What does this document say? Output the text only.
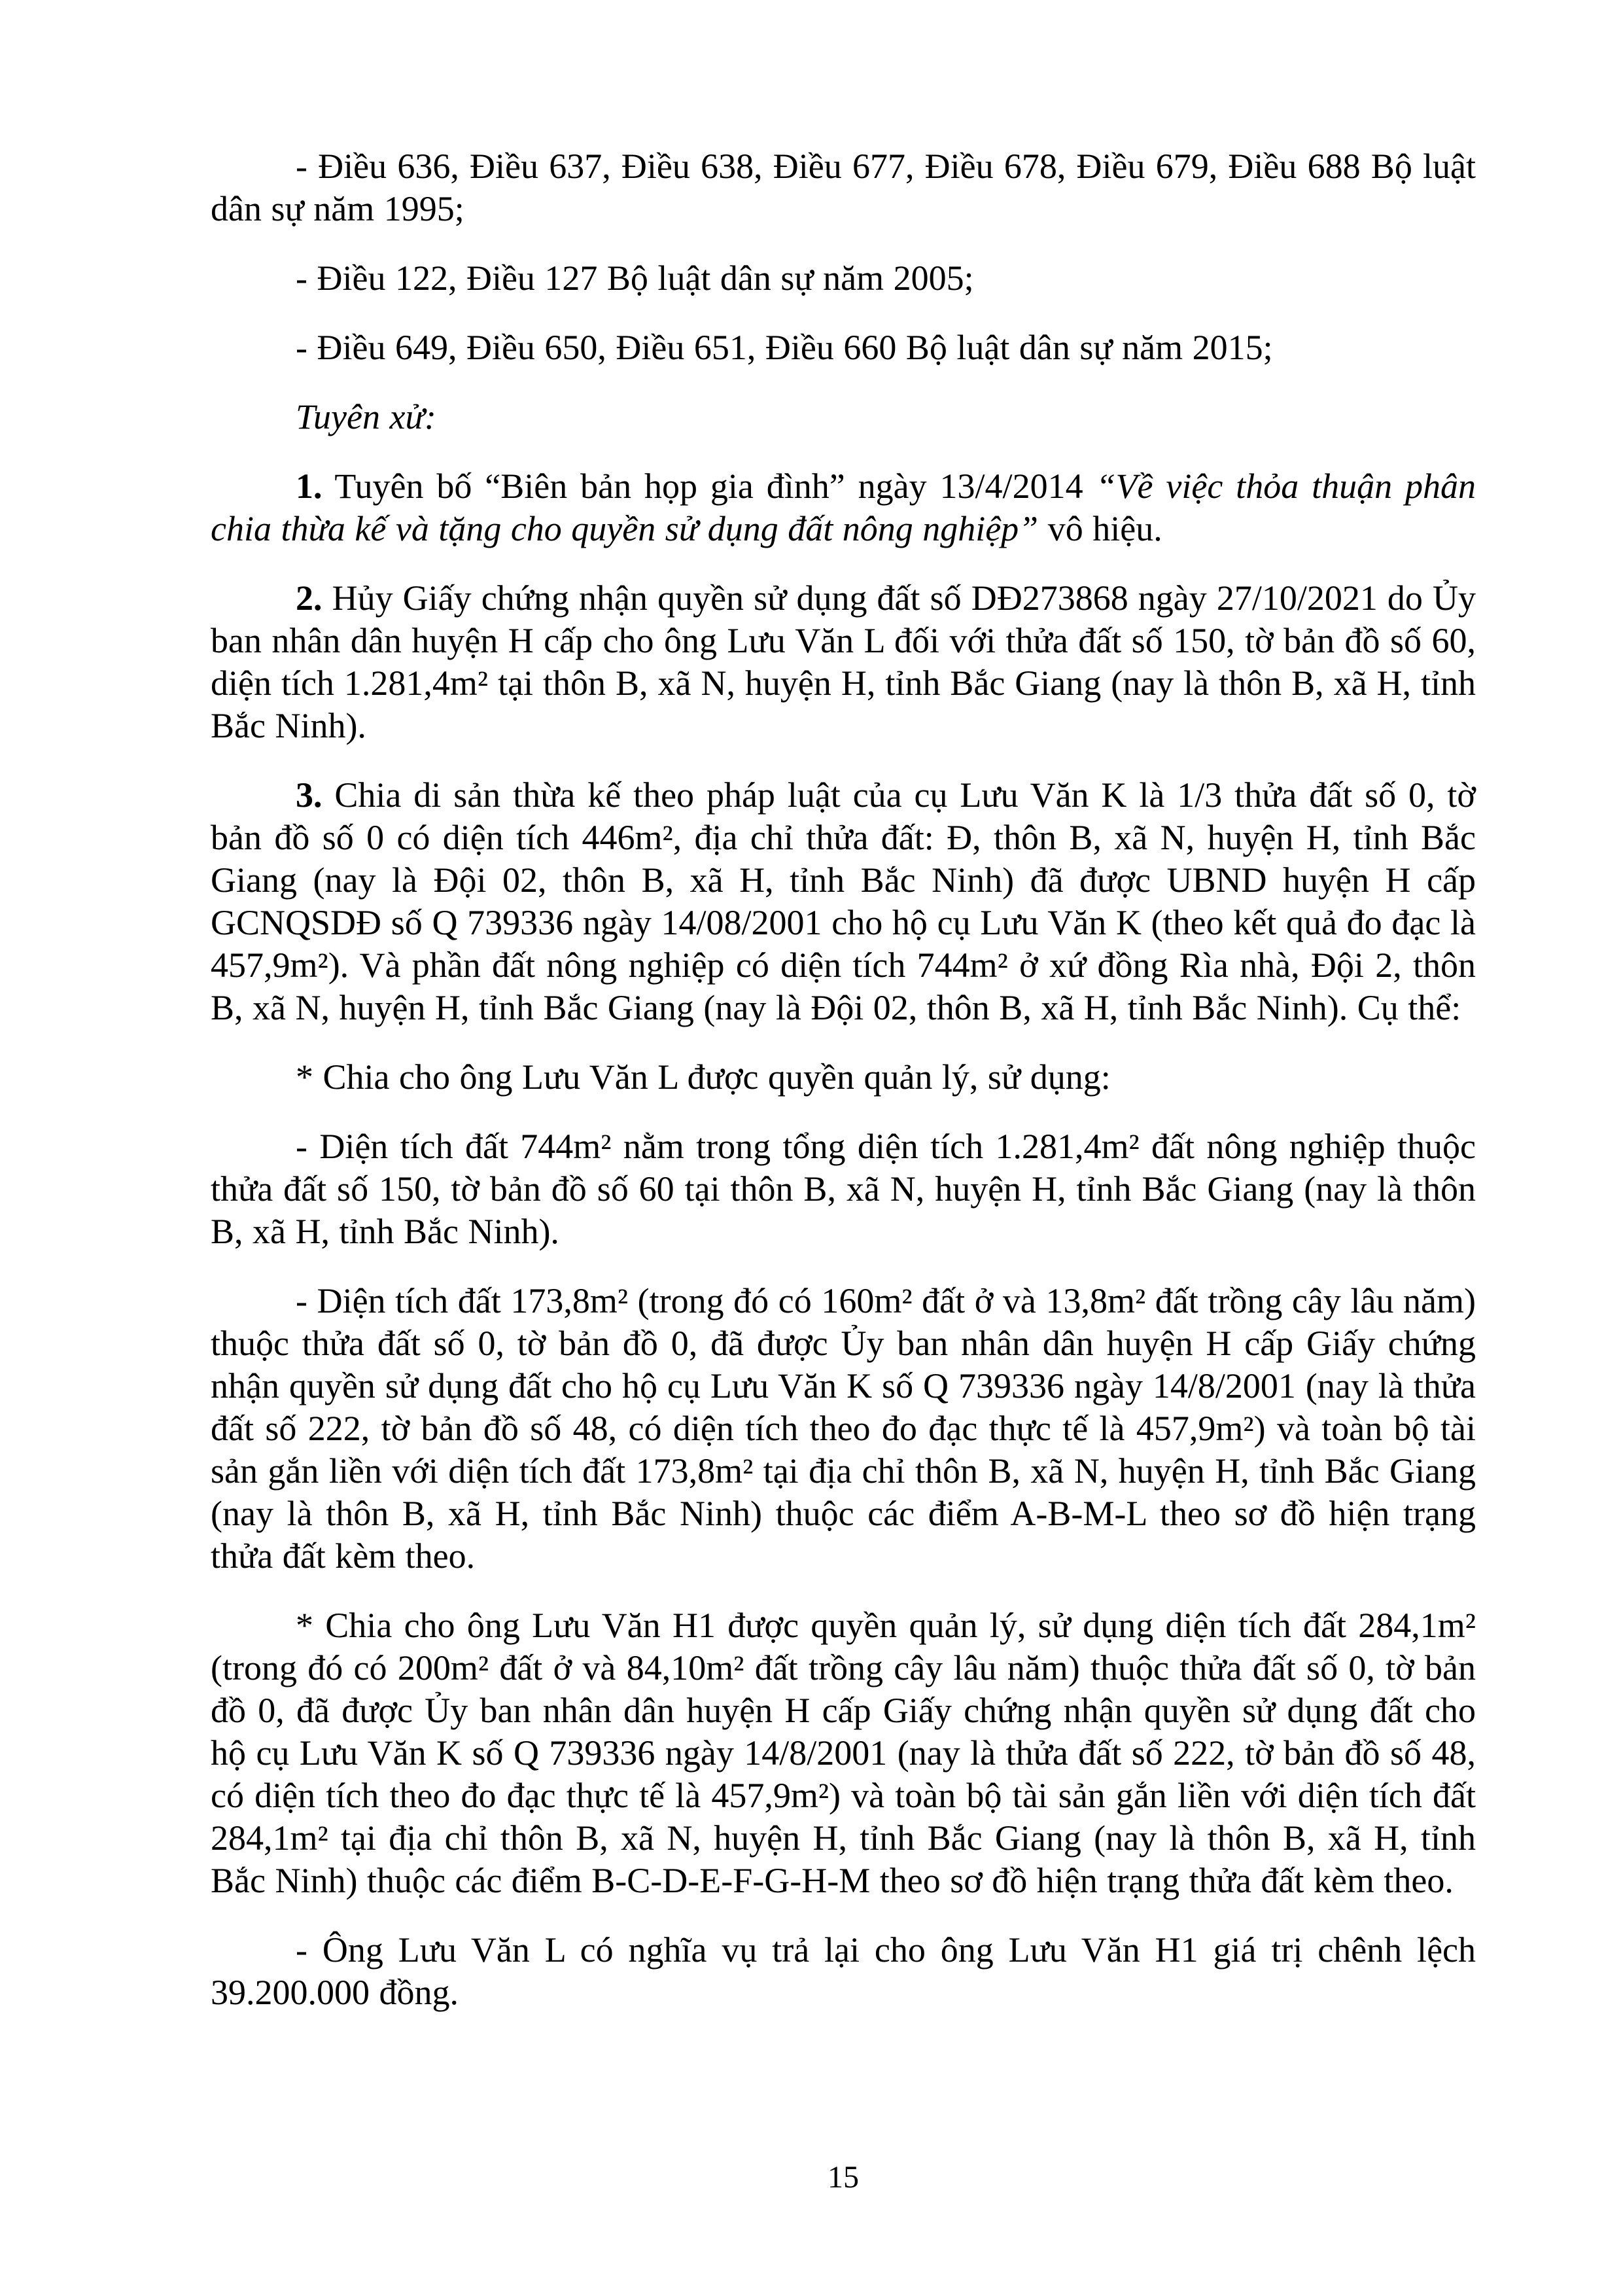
- Điều 636, Điều 637, Điều 638, Điều 677, Điều 678, Điều 679, Điều 688 Bộ luật dân sự năm 1995;

- Điều 122, Điều 127 Bộ luật dân sự năm 2005;

- Điều 649, Điều 650, Điều 651, Điều 660 Bộ luật dân sự năm 2015;

Tuyên xử:

1. Tuyên bố “Biên bản họp gia đình” ngày 13/4/2014 “Về việc thỏa thuận phân chia thừa kế và tặng cho quyền sử dụng đất nông nghiệp” vô hiệu.

2. Hủy Giấy chứng nhận quyền sử dụng đất số DĐ273868 ngày 27/10/2021 do Ủy ban nhân dân huyện H cấp cho ông Lưu Văn L đối với thửa đất số 150, tờ bản đồ số 60, diện tích 1.281,4m² tại thôn B, xã N, huyện H, tỉnh Bắc Giang (nay là thôn B, xã H, tỉnh Bắc Ninh).

3. Chia di sản thừa kế theo pháp luật của cụ Lưu Văn K là 1/3 thửa đất số 0, tờ bản đồ số 0 có diện tích 446m², địa chỉ thửa đất: Đ, thôn B, xã N, huyện H, tỉnh Bắc Giang (nay là Đội 02, thôn B, xã H, tỉnh Bắc Ninh) đã được UBND huyện H cấp GCNQSDĐ số Q 739336 ngày 14/08/2001 cho hộ cụ Lưu Văn K (theo kết quả đo đạc là 457,9m²). Và phần đất nông nghiệp có diện tích 744m² ở xứ đồng Rìa nhà, Đội 2, thôn B, xã N, huyện H, tỉnh Bắc Giang (nay là Đội 02, thôn B, xã H, tỉnh Bắc Ninh). Cụ thể:

* Chia cho ông Lưu Văn L được quyền quản lý, sử dụng:

- Diện tích đất 744m² nằm trong tổng diện tích 1.281,4m² đất nông nghiệp thuộc thửa đất số 150, tờ bản đồ số 60 tại thôn B, xã N, huyện H, tỉnh Bắc Giang (nay là thôn B, xã H, tỉnh Bắc Ninh).

- Diện tích đất 173,8m² (trong đó có 160m² đất ở và 13,8m² đất trồng cây lâu năm) thuộc thửa đất số 0, tờ bản đồ 0, đã được Ủy ban nhân dân huyện H cấp Giấy chứng nhận quyền sử dụng đất cho hộ cụ Lưu Văn K số Q 739336 ngày 14/8/2001 (nay là thửa đất số 222, tờ bản đồ số 48, có diện tích theo đo đạc thực tế là 457,9m²) và toàn bộ tài sản gắn liền với diện tích đất 173,8m² tại địa chỉ thôn B, xã N, huyện H, tỉnh Bắc Giang (nay là thôn B, xã H, tỉnh Bắc Ninh) thuộc các điểm A-B-M-L theo sơ đồ hiện trạng thửa đất kèm theo.

* Chia cho ông Lưu Văn H1 được quyền quản lý, sử dụng diện tích đất 284,1m² (trong đó có 200m² đất ở và 84,10m² đất trồng cây lâu năm) thuộc thửa đất số 0, tờ bản đồ 0, đã được Ủy ban nhân dân huyện H cấp Giấy chứng nhận quyền sử dụng đất cho hộ cụ Lưu Văn K số Q 739336 ngày 14/8/2001 (nay là thửa đất số 222, tờ bản đồ số 48, có diện tích theo đo đạc thực tế là 457,9m²) và toàn bộ tài sản gắn liền với diện tích đất 284,1m² tại địa chỉ thôn B, xã N, huyện H, tỉnh Bắc Giang (nay là thôn B, xã H, tỉnh Bắc Ninh) thuộc các điểm B-C-D-E-F-G-H-M theo sơ đồ hiện trạng thửa đất kèm theo.

- Ông Lưu Văn L có nghĩa vụ trả lại cho ông Lưu Văn H1 giá trị chênh lệch 39.200.000 đồng.

15
